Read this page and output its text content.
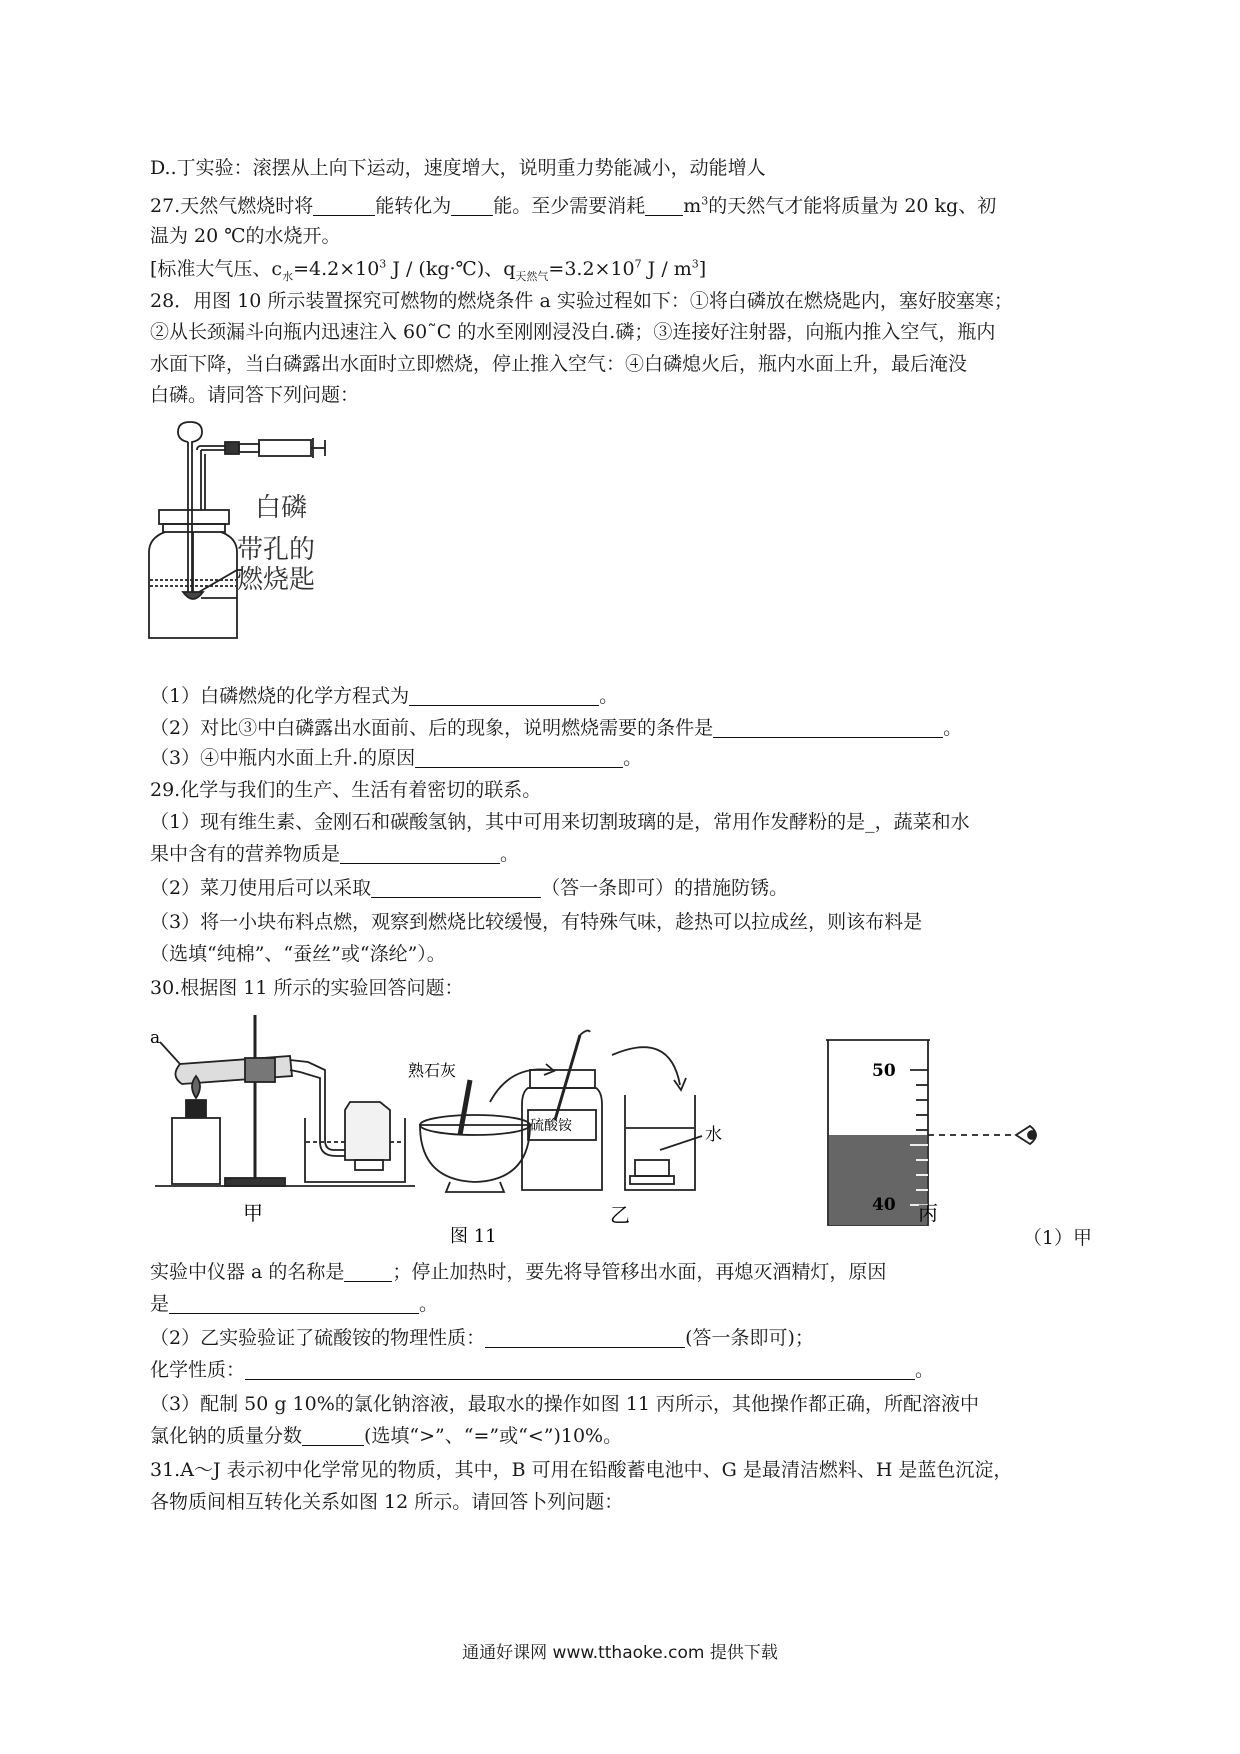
D..丁实验：滚摆从上向下运动，速度增大，说明重力势能减小，动能增人
27.天然气燃烧时将	能转化为 能。至少需要消耗 $m^3$的天然气才能将质量为 20 kg、初
温为 20 ℃的水烧开。
[标准大气压、$c_水=4.2\times 10^3$ J / (kg·℃)、$q_{天然气}=3.2\times 10^7$ J / $m^3$]
28．用图 10 所示装置探究可燃物的燃烧条件 a 实验过程如下：①将白磷放在燃烧匙内，塞好胶塞寒；
②从长颈漏斗向瓶内迅速注入 60˜C 的水至刚刚浸没白.磷；③连接好注射器，向瓶内推入空气，瓶内
水面下降，当白磷露出水面时立即燃烧，停止推入空气：④白磷熄火后，瓶内水面上升，最后淹没
白磷。请同答下列问题：
白磷
带孔的
燃烧匙
（1）白磷燃烧的化学方程式为	。
（2）对比③中白磷露出水面前、后的现象，说明燃烧需要的条件是	。
（3）④中瓶内水面上升.的原因	。
29.化学与我们的生产、生活有着密切的联系。
（1）现有维生素、金刚石和碳酸氢钠，其中可用来切割玻璃的是，常用作发酵粉的是_，蔬菜和水
果中含有的营养物质是	。
（2）菜刀使用后可以采取	（答一条即可）的措施防锈。
（3）将一小块布料点燃，观察到燃烧比较缓慢，有特殊气味，趁热可以拉成丝，则该布料是
（选填“纯棉”、“蚕丝”或“涤纶”）。
30.根据图 11 所示的实验回答问题：
a
甲
熟石灰
硫酸铵	水
乙
图 11
50
40 丙
（1）甲
实验中仪器 a 的名称是	；停止加热时，要先将导管移出水面，再熄灭酒精灯，原因
是	。
（2）乙实验验证了硫酸铵的物理性质：	(答一条即可)；
化学性质：	。
（3）配制 50 g 10%的氯化钠溶液，最取水的操作如图 11 丙所示，其他操作都正确，所配溶液中
氯化钠的质量分数	(选填“>”、“=”或“<”)10%。
31.A～J 表示初中化学常见的物质，其中，B 可用在铅酸蓄电池中、G 是最清洁燃料、H 是蓝色沉淀，
各物质间相互转化关系如图 12 所示。请回答卜列问题：
通通好课网 www.tthaoke.com 提供下载
